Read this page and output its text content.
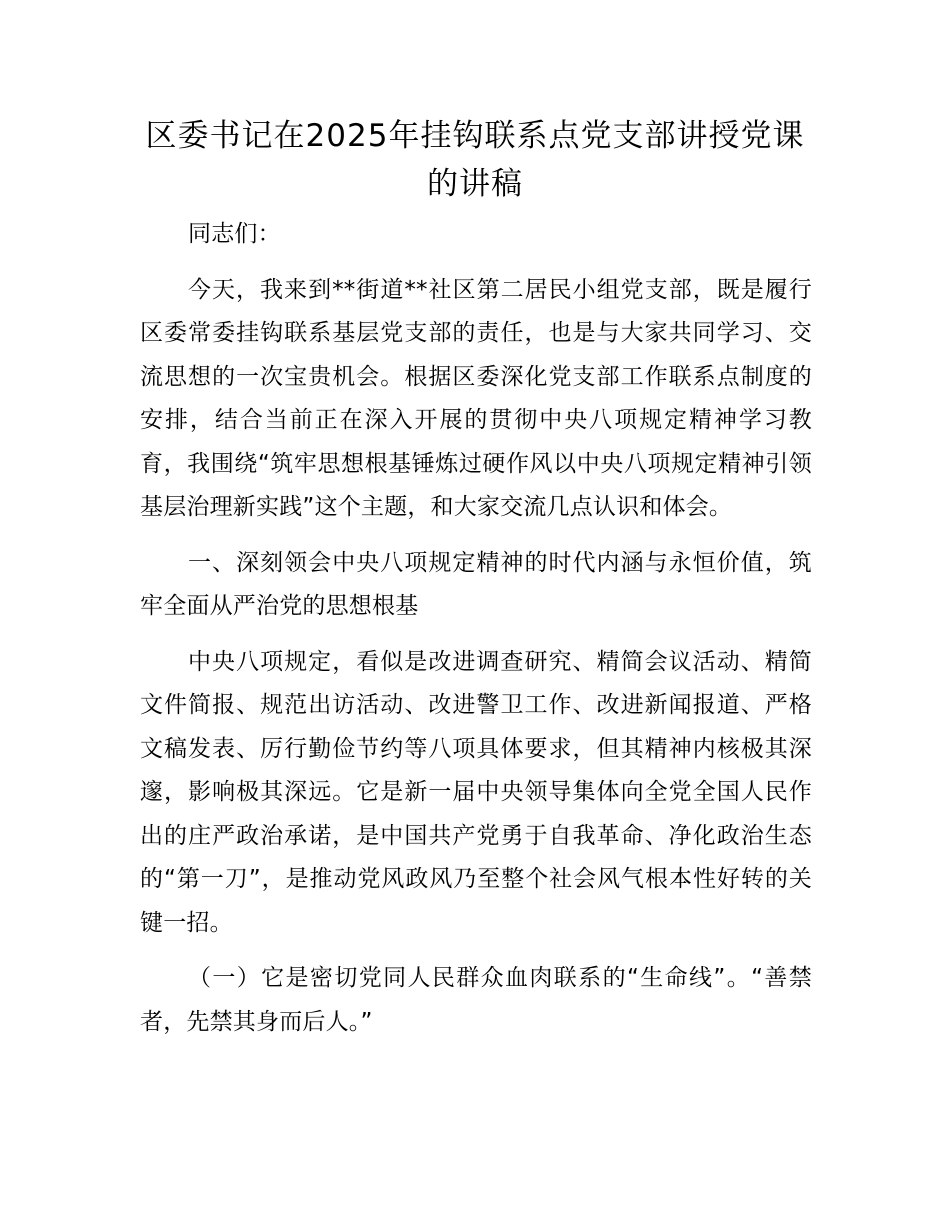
区委书记在2025年挂钩联系点党支部讲授党课的讲稿

同志们：

今天，我来到**街道**社区第二居民小组党支部，既是履行区委常委挂钩联系基层党支部的责任，也是与大家共同学习、交流思想的一次宝贵机会。根据区委深化党支部工作联系点制度的安排，结合当前正在深入开展的贯彻中央八项规定精神学习教育，我围绕“筑牢思想根基锤炼过硬作风以中央八项规定精神引领基层治理新实践”这个主题，和大家交流几点认识和体会。

一、深刻领会中央八项规定精神的时代内涵与永恒价值，筑牢全面从严治党的思想根基

中央八项规定，看似是改进调查研究、精简会议活动、精简文件简报、规范出访活动、改进警卫工作、改进新闻报道、严格文稿发表、厉行勤俭节约等八项具体要求，但其精神内核极其深邃，影响极其深远。它是新一届中央领导集体向全党全国人民作出的庄严政治承诺，是中国共产党勇于自我革命、净化政治生态的“第一刀”，是推动党风政风乃至整个社会风气根本性好转的关键一招。

（一）它是密切党同人民群众血肉联系的“生命线”。“善禁者，先禁其身而后人。”
